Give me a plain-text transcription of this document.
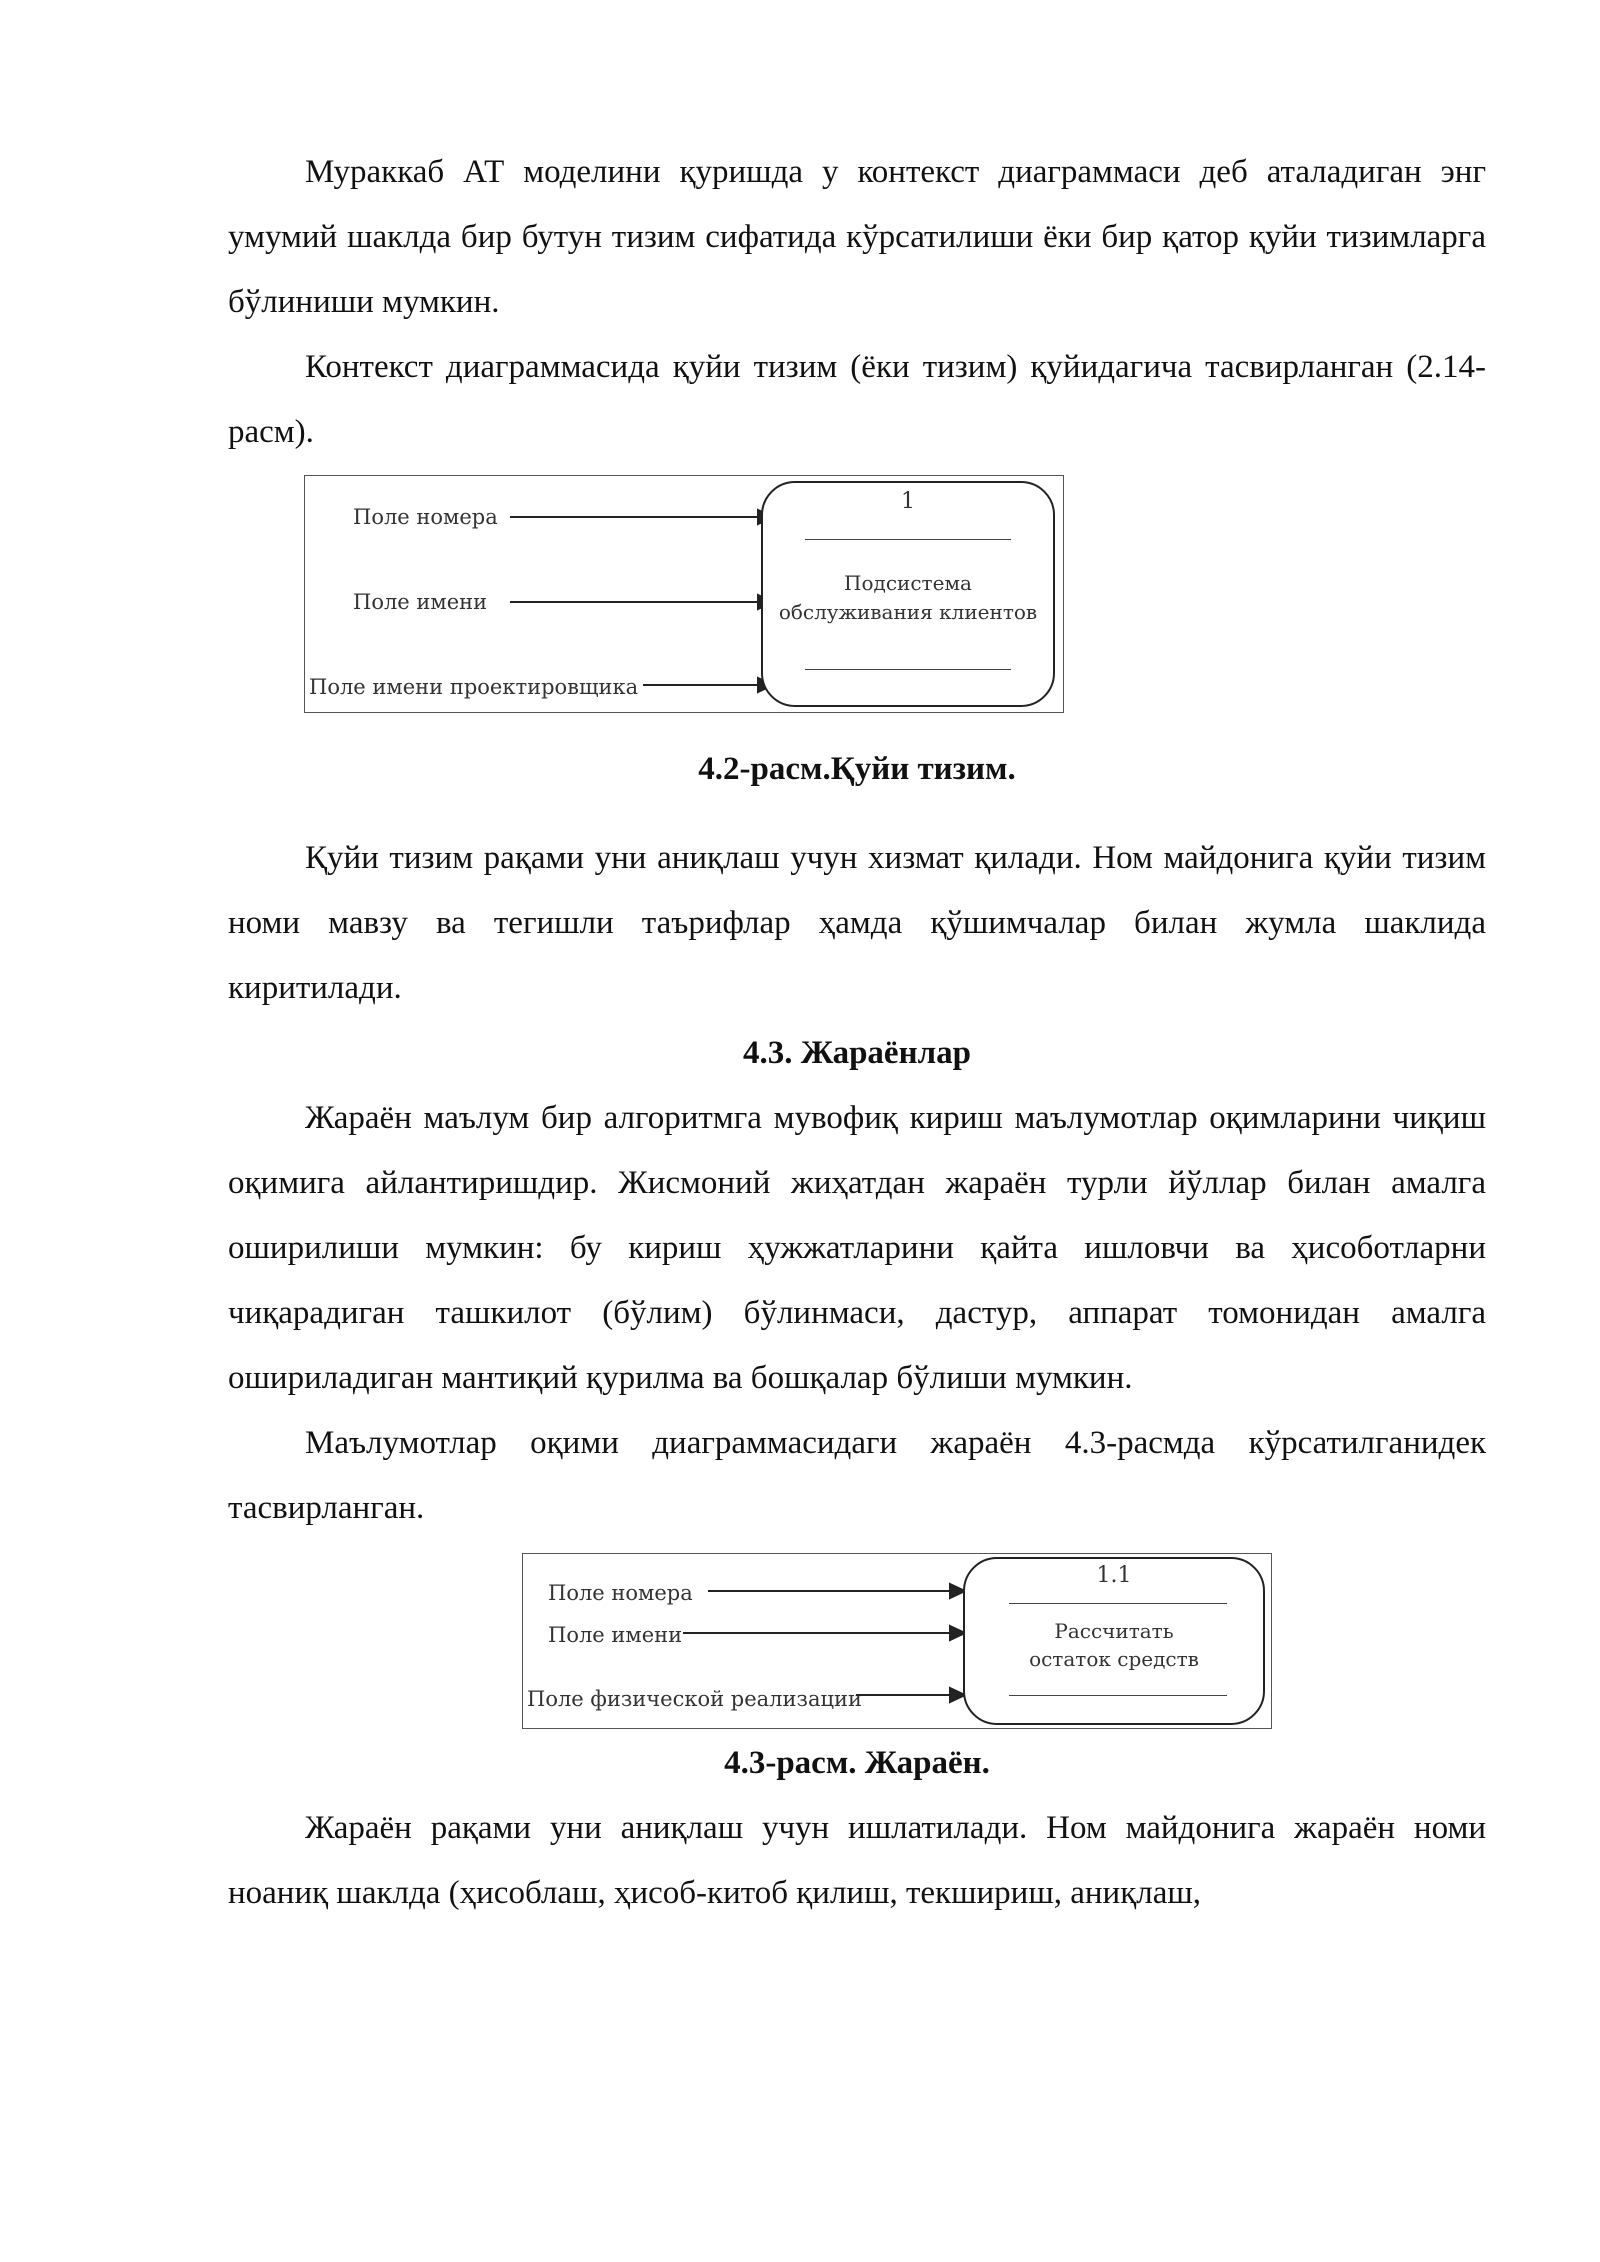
Мураккаб АТ моделини қуришда у контекст диаграммаси деб аталадиган энг умумий шаклда бир бутун тизим сифатида кўрсатилиши ёки бир қатор қуйи тизимларга бўлиниши мумкин.

Контекст диаграммасида қуйи тизим (ёки тизим) қуйидагича тасвирланган (2.14-расм).

Поле номера
Поле имени
Поле имени проектировщика
1
Подсистема
обслуживания клиентов

4.2-расм.Қуйи тизим.

Қуйи тизим рақами уни аниқлаш учун хизмат қилади. Ном майдонига қуйи тизим номи мавзу ва тегишли таърифлар ҳамда қўшимчалар билан жумла шаклида киритилади.

4.3. Жараёнлар

Жараён маълум бир алгоритмга мувофиқ кириш маълумотлар оқимларини чиқиш оқимига айлантиришдир. Жисмоний жиҳатдан жараён турли йўллар билан амалга оширилиши мумкин: бу кириш ҳужжатларини қайта ишловчи ва ҳисоботларни чиқарадиган ташкилот (бўлим) бўлинмаси, дастур, аппарат томонидан амалга ошириладиган мантиқий қурилма ва бошқалар бўлиши мумкин.

Маълумотлар оқими диаграммасидаги жараён 4.3-расмда кўрсатилганидек тасвирланган.

Поле номера
Поле имени
Поле физической реализации
1.1
Рассчитать
остаток средств

4.3-расм. Жараён.

Жараён рақами уни аниқлаш учун ишлатилади. Ном майдонига жараён номи ноаниқ шаклда (ҳисоблаш, ҳисоб-китоб қилиш, текшириш, аниқлаш,
